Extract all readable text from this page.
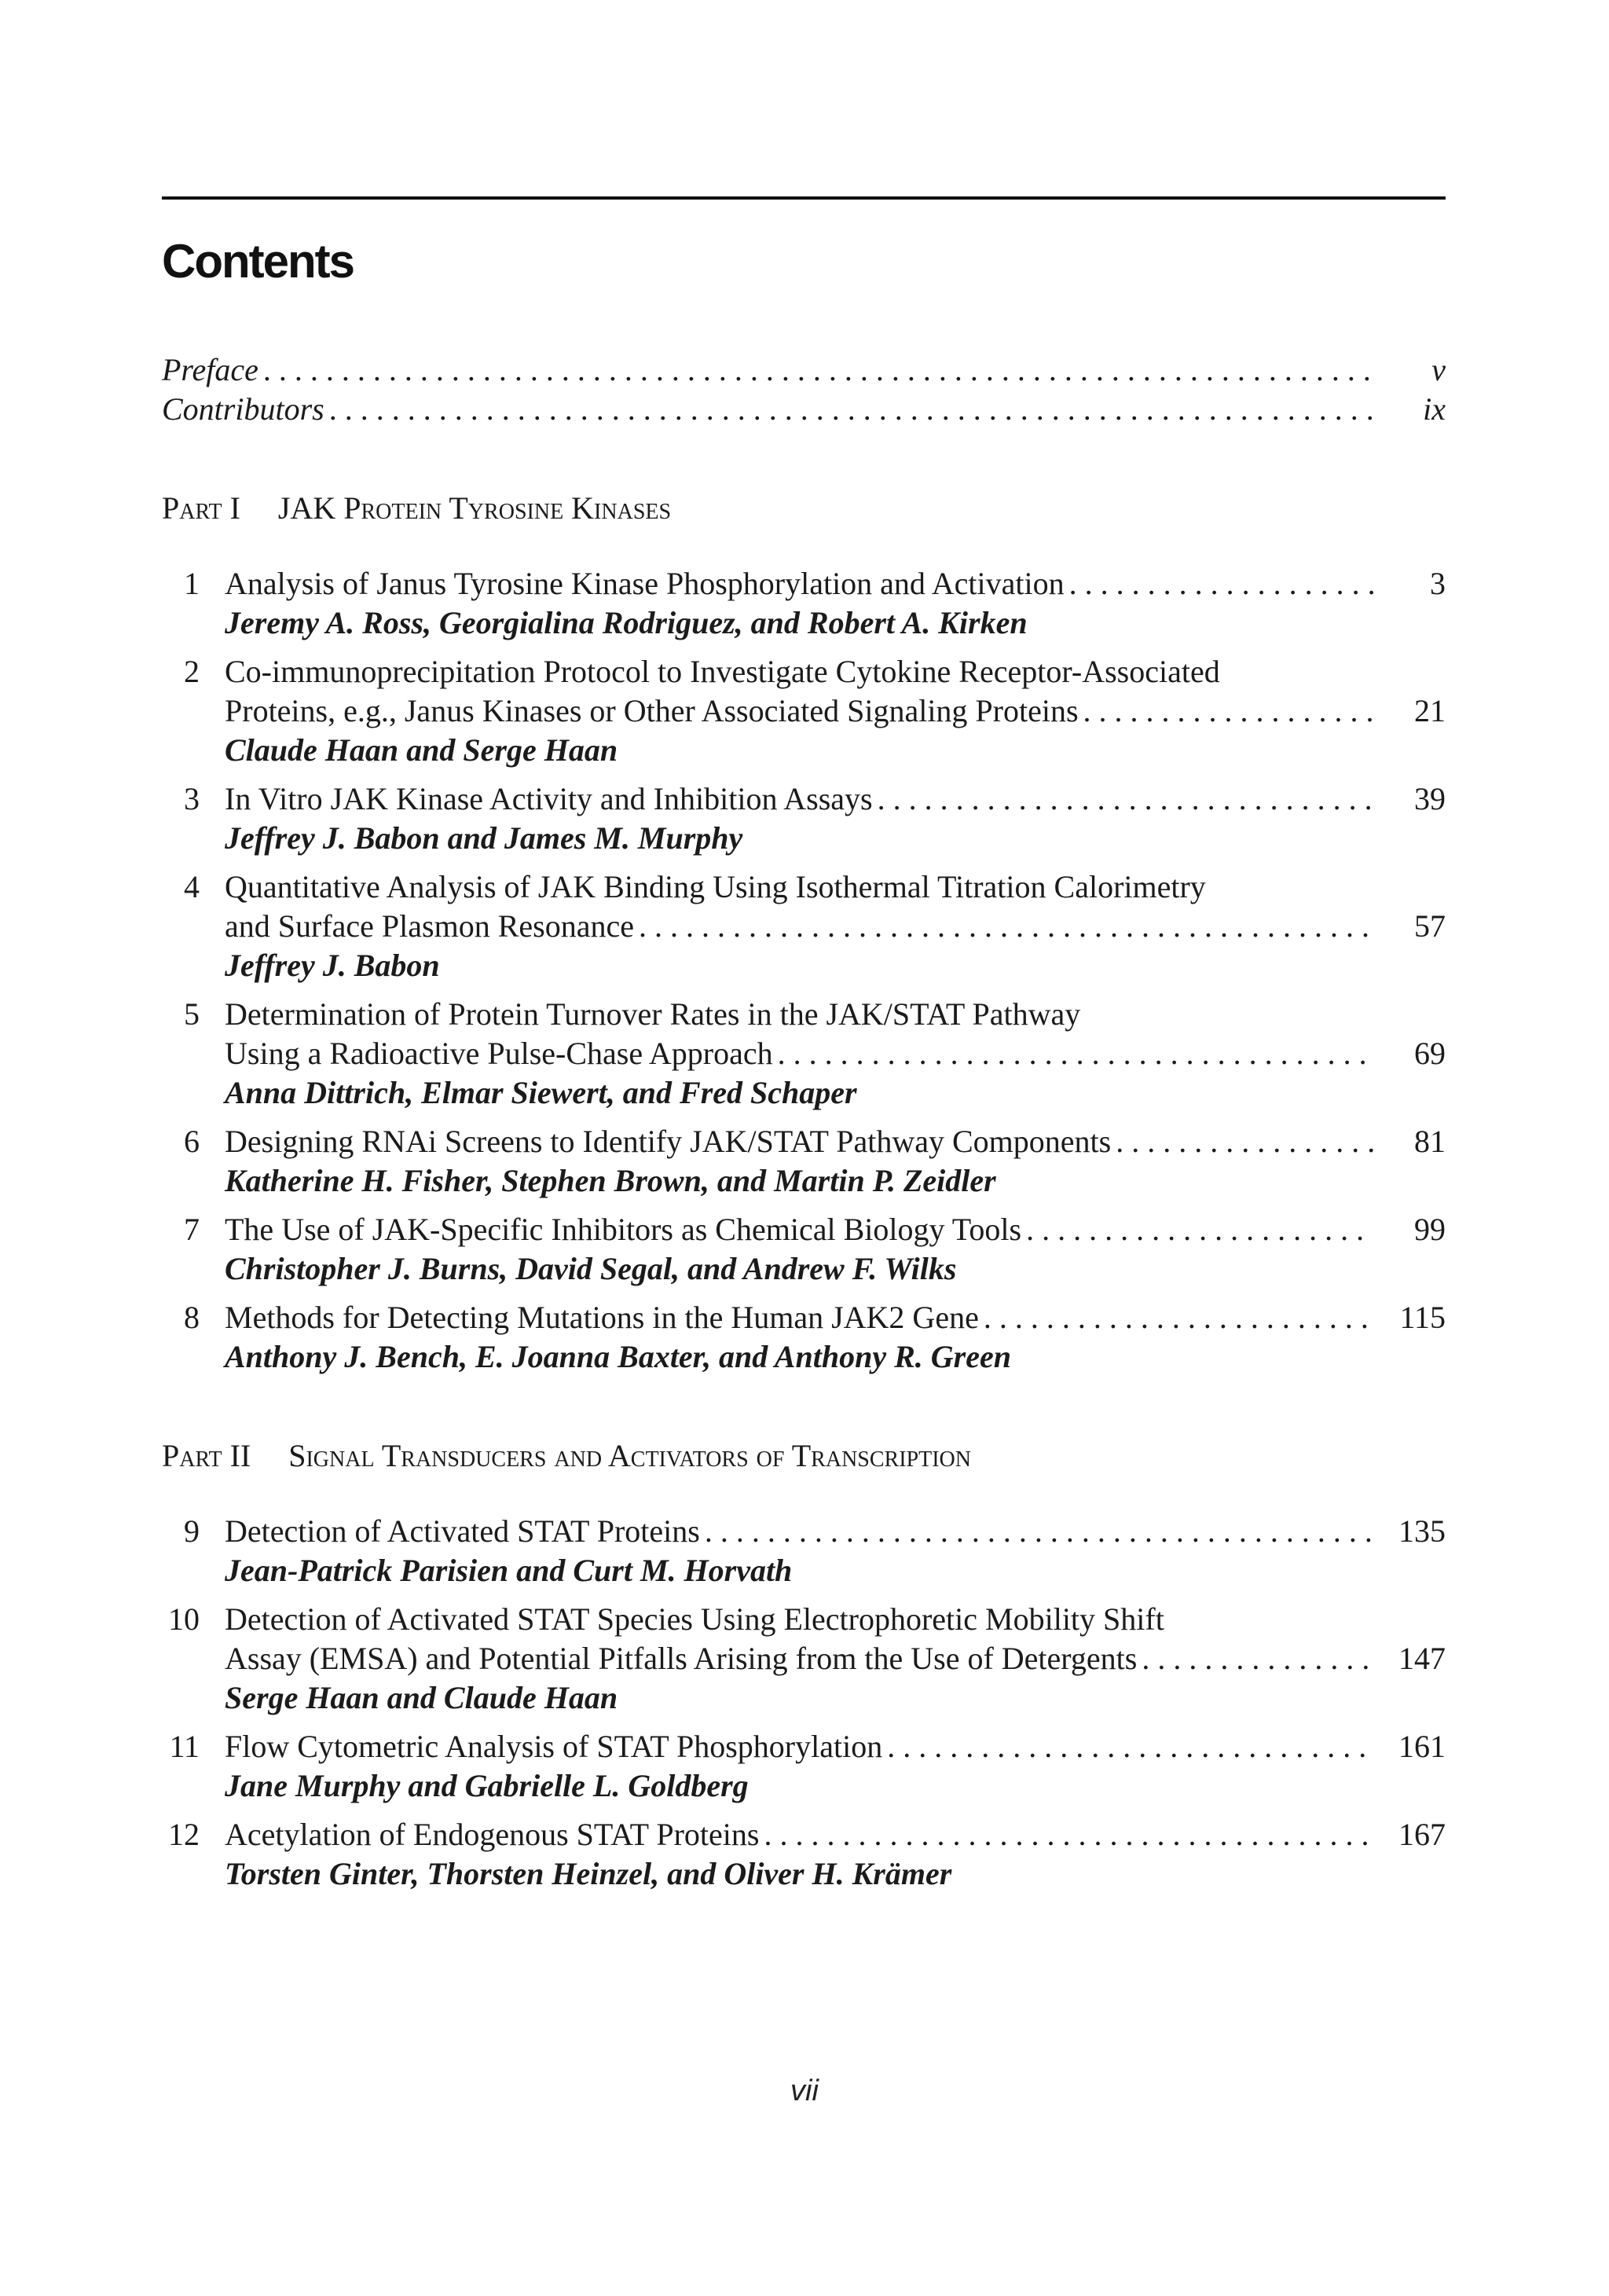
Contents
Preface . . .	v
Contributors . . .	ix
Part I JAK Protein Tyrosine Kinases
1 Analysis of Janus Tyrosine Kinase Phosphorylation and Activation . . .	3
Jeremy A. Ross, Georgialina Rodriguez, and Robert A. Kirken
2 Co-immunoprecipitation Protocol to Investigate Cytokine Receptor-Associated
Proteins, e.g., Janus Kinases or Other Associated Signaling Proteins . . .	21
Claude Haan and Serge Haan
3 In Vitro JAK Kinase Activity and Inhibition Assays . . .	39
Jeffrey J. Babon and James M. Murphy
4 Quantitative Analysis of JAK Binding Using Isothermal Titration Calorimetry
and Surface Plasmon Resonance . . .	57
Jeffrey J. Babon
5 Determination of Protein Turnover Rates in the JAK/STAT Pathway
Using a Radioactive Pulse-Chase Approach . . .	69
Anna Dittrich, Elmar Siewert, and Fred Schaper
6 Designing RNAi Screens to Identify JAK/STAT Pathway Components . . .	81
Katherine H. Fisher, Stephen Brown, and Martin P. Zeidler
7 The Use of JAK-Specific Inhibitors as Chemical Biology Tools . . .	99
Christopher J. Burns, David Segal, and Andrew F. Wilks
8 Methods for Detecting Mutations in the Human JAK2 Gene . . .	115
Anthony J. Bench, E. Joanna Baxter, and Anthony R. Green
Part II Signal Transducers and Activators of Transcription
9 Detection of Activated STAT Proteins . . .	135
Jean-Patrick Parisien and Curt M. Horvath
10 Detection of Activated STAT Species Using Electrophoretic Mobility Shift
Assay (EMSA) and Potential Pitfalls Arising from the Use of Detergents . . .	147
Serge Haan and Claude Haan
11 Flow Cytometric Analysis of STAT Phosphorylation . . .	161
Jane Murphy and Gabrielle L. Goldberg
12 Acetylation of Endogenous STAT Proteins . . .	167
Torsten Ginter, Thorsten Heinzel, and Oliver H. Krämer
vii
